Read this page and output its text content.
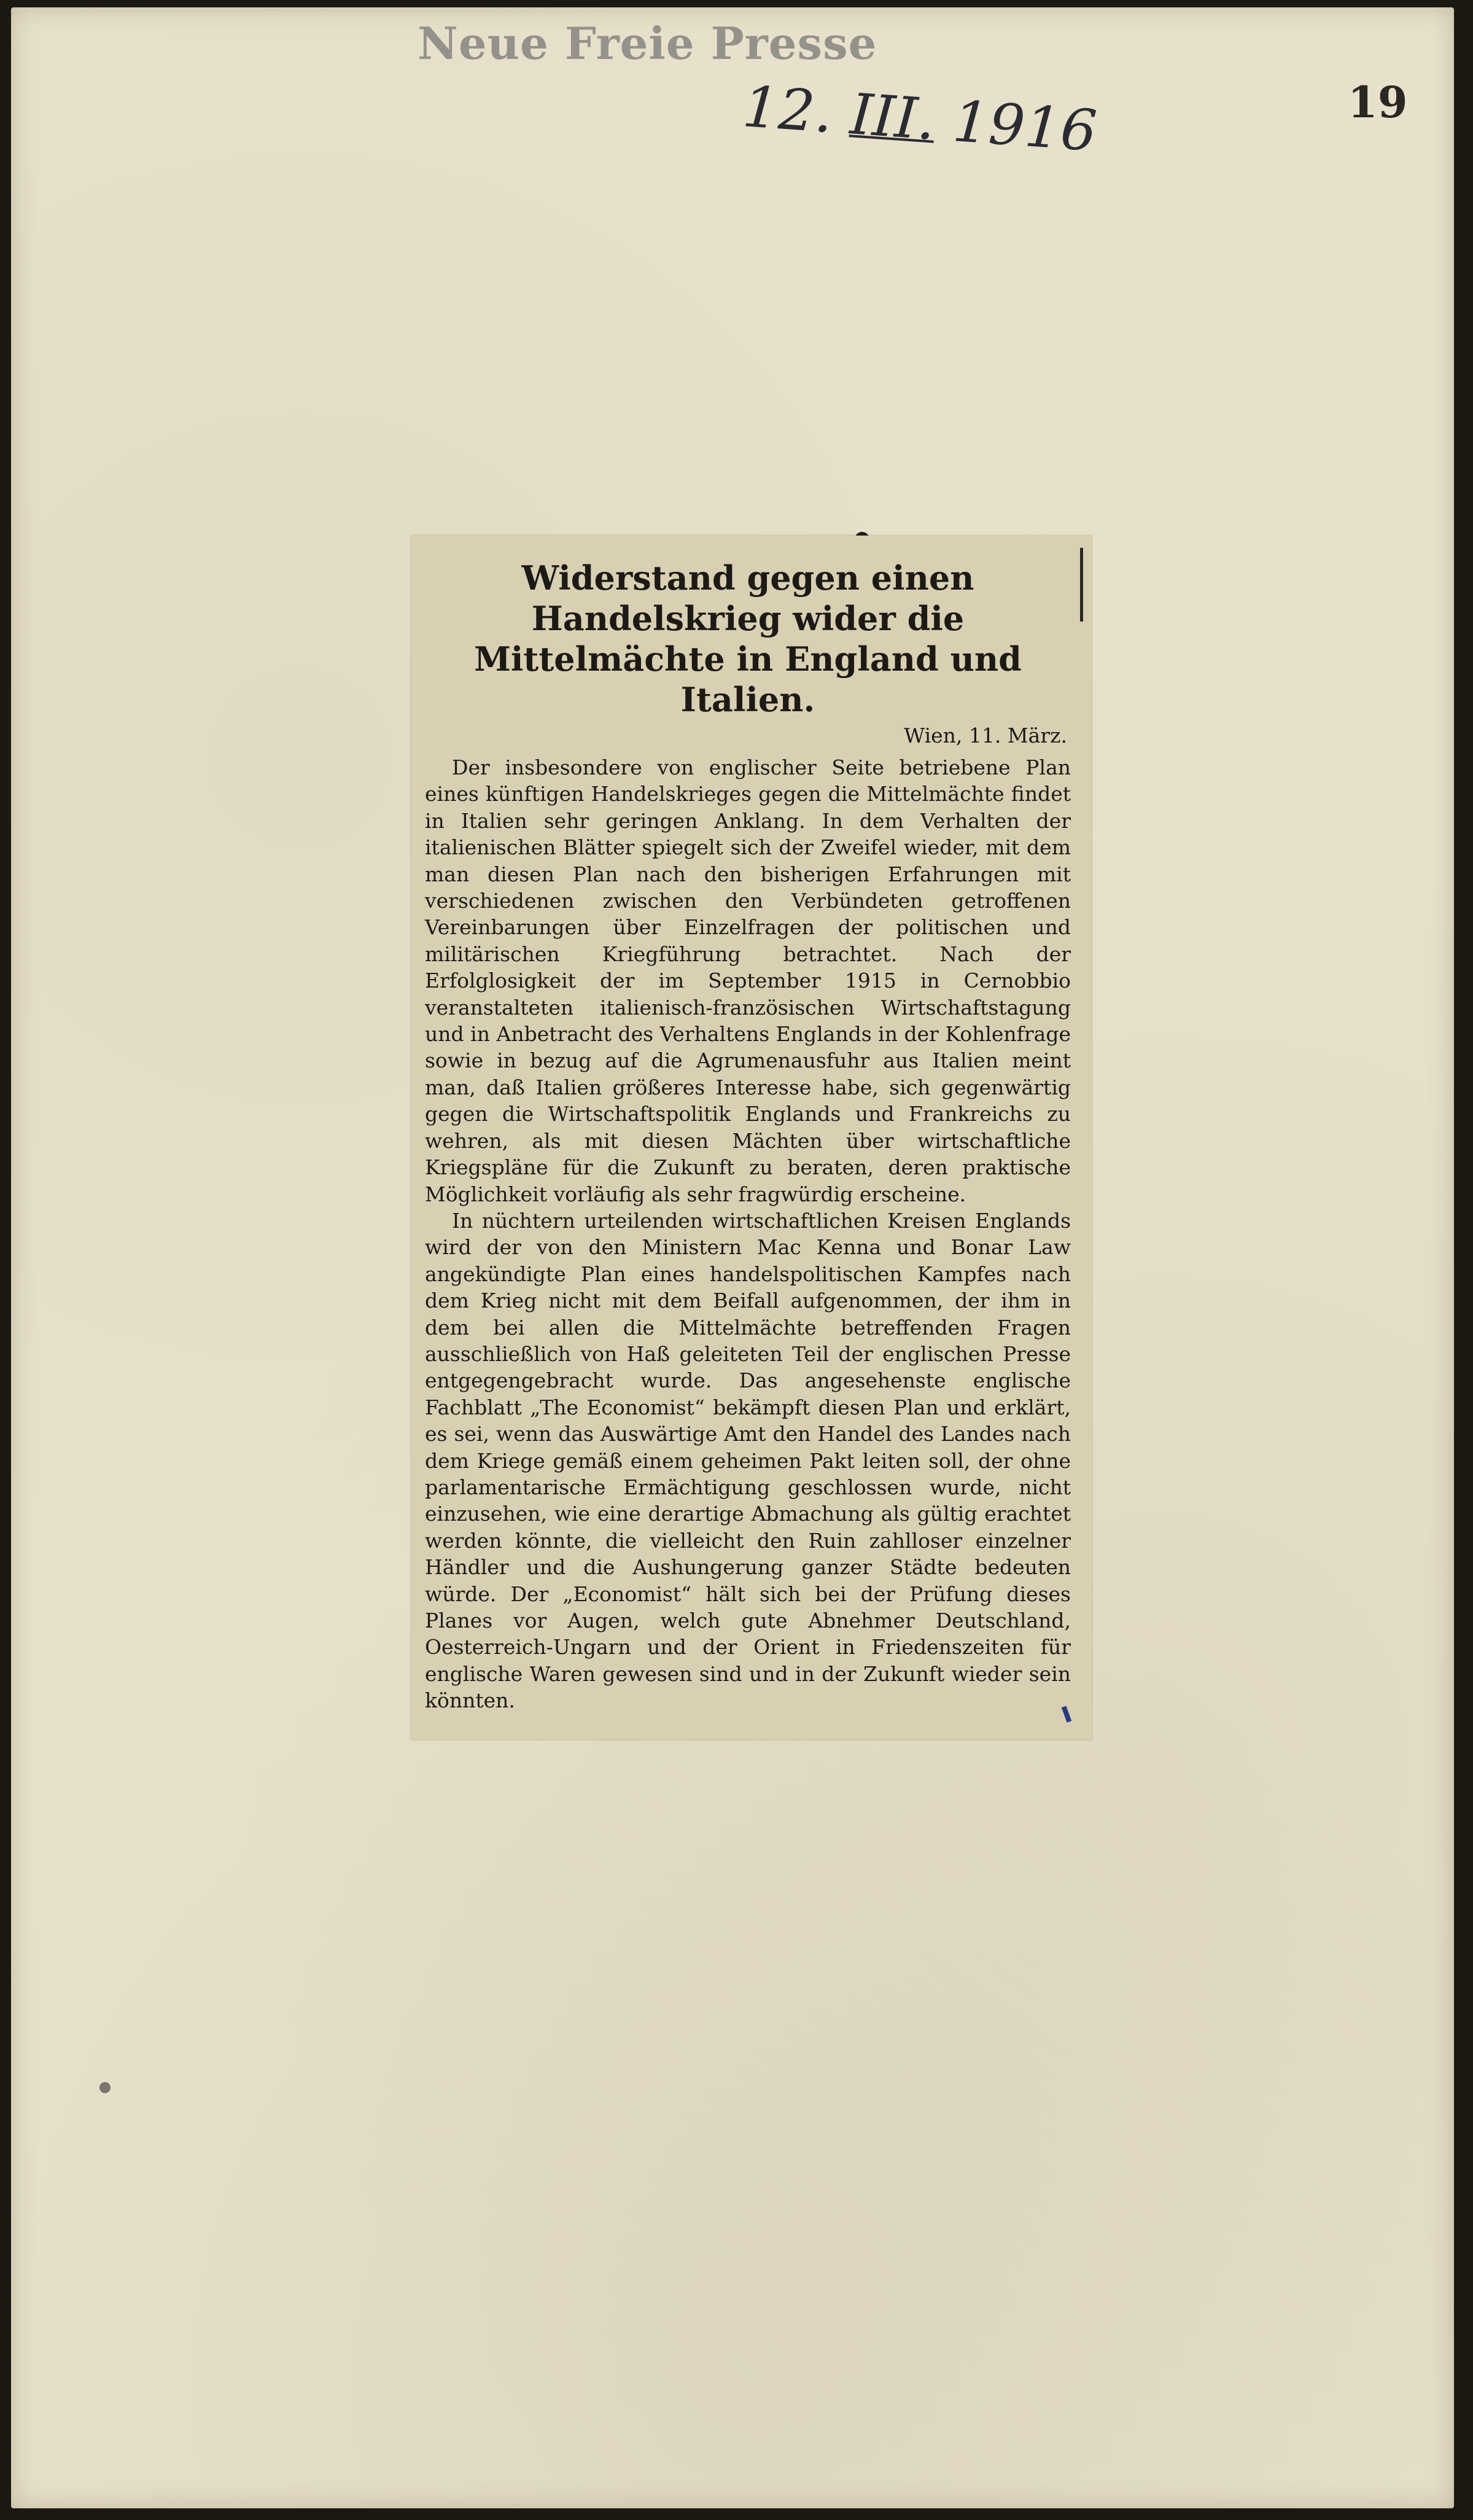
Neue Freie Presse
12. III. 1916	19
Widerstand gegen einen Handelskrieg wider die Mittelmächte in England und Italien.
Wien, 11. März.

Der insbesondere von englischer Seite betriebene Plan eines künftigen Handelskrieges gegen die Mittelmächte findet in Italien sehr geringen Anklang. In dem Verhalten der italienischen Blätter spiegelt sich der Zweifel wieder, mit dem man diesen Plan nach den bisherigen Erfahrungen mit verschiedenen zwischen den Verbündeten getroffenen Vereinbarungen über Einzelfragen der politischen und militärischen Kriegführung betrachtet. Nach der Erfolglosigkeit der im September 1915 in Cernobbio veranstalteten italienisch-französischen Wirtschaftstagung und in Anbetracht des Verhaltens Englands in der Kohlenfrage sowie in bezug auf die Agrumenausfuhr aus Italien meint man, daß Italien größeres Interesse habe, sich gegenwärtig gegen die Wirtschaftspolitik Englands und Frankreichs zu wehren, als mit diesen Mächten über wirtschaftliche Kriegspläne für die Zukunft zu beraten, deren praktische Möglichkeit vorläufig als sehr fragwürdig erscheine.

In nüchtern urteilenden wirtschaftlichen Kreisen Englands wird der von den Ministern Mac Kenna und Bonar Law angekündigte Plan eines handelspolitischen Kampfes nach dem Krieg nicht mit dem Beifall aufgenommen, der ihm in dem bei allen die Mittelmächte betreffenden Fragen ausschließlich von Haß geleiteten Teil der englischen Presse entgegengebracht wurde. Das angesehenste englische Fachblatt „The Economist“ bekämpft diesen Plan und erklärt, es sei, wenn das Auswärtige Amt den Handel des Landes nach dem Kriege gemäß einem geheimen Pakt leiten soll, der ohne parlamentarische Ermächtigung geschlossen wurde, nicht einzusehen, wie eine derartige Abmachung als gültig erachtet werden könnte, die vielleicht den Ruin zahlloser einzelner Händler und die Aushungerung ganzer Städte bedeuten würde. Der „Economist“ hält sich bei der Prüfung dieses Planes vor Augen, welch gute Abnehmer Deutschland, Oesterreich-Ungarn und der Orient in Friedenszeiten für englische Waren gewesen sind und in der Zukunft wieder sein könnten.
